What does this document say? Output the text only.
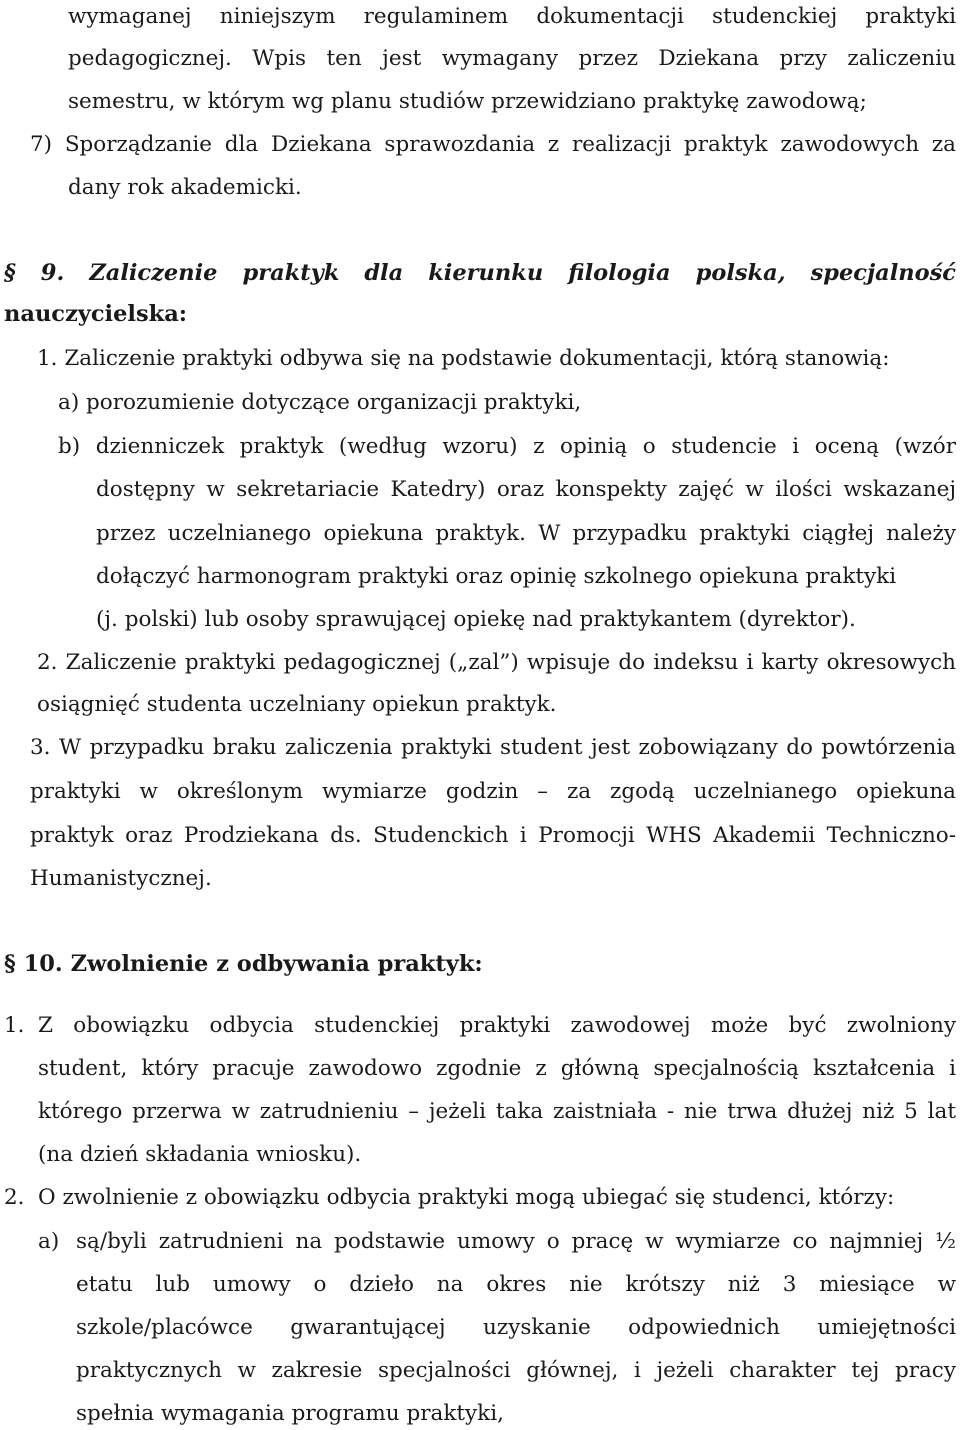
wymaganej niniejszym regulaminem dokumentacji studenckiej praktyki
pedagogicznej. Wpis ten jest wymagany przez Dziekana przy zaliczeniu
semestru, w którym wg planu studiów przewidziano praktykę zawodową;
7) Sporządzanie dla Dziekana sprawozdania z realizacji praktyk zawodowych za
dany rok akademicki.
§ 9. Zaliczenie praktyk dla kierunku filologia polska, specjalność
nauczycielska:
1. Zaliczenie praktyki odbywa się na podstawie dokumentacji, którą stanowią:
a) porozumienie dotyczące organizacji praktyki,
b) dzienniczek praktyk (według wzoru) z opinią o studencie i oceną (wzór
dostępny w sekretariacie Katedry) oraz konspekty zajęć w ilości wskazanej
przez uczelnianego opiekuna praktyk. W przypadku praktyki ciągłej należy
dołączyć harmonogram praktyki oraz opinię szkolnego opiekuna praktyki
(j. polski) lub osoby sprawującej opiekę nad praktykantem (dyrektor).
2. Zaliczenie praktyki pedagogicznej („zal”) wpisuje do indeksu i karty okresowych
osiągnięć studenta uczelniany opiekun praktyk.
3. W przypadku braku zaliczenia praktyki student jest zobowiązany do powtórzenia
praktyki w określonym wymiarze godzin – za zgodą uczelnianego opiekuna
praktyk oraz Prodziekana ds. Studenckich i Promocji WHS Akademii Techniczno-
Humanistycznej.
§ 10. Zwolnienie z odbywania praktyk:
1. Z obowiązku odbycia studenckiej praktyki zawodowej może być zwolniony
student, który pracuje zawodowo zgodnie z główną specjalnością kształcenia i
którego przerwa w zatrudnieniu – jeżeli taka zaistniała - nie trwa dłużej niż 5 lat
(na dzień składania wniosku).
2. O zwolnienie z obowiązku odbycia praktyki mogą ubiegać się studenci, którzy:
a) są/byli zatrudnieni na podstawie umowy o pracę w wymiarze co najmniej ½
etatu lub umowy o dzieło na okres nie krótszy niż 3 miesiące w
szkole/placówce gwarantującej uzyskanie odpowiednich umiejętności
praktycznych w zakresie specjalności głównej, i jeżeli charakter tej pracy
spełnia wymagania programu praktyki,
